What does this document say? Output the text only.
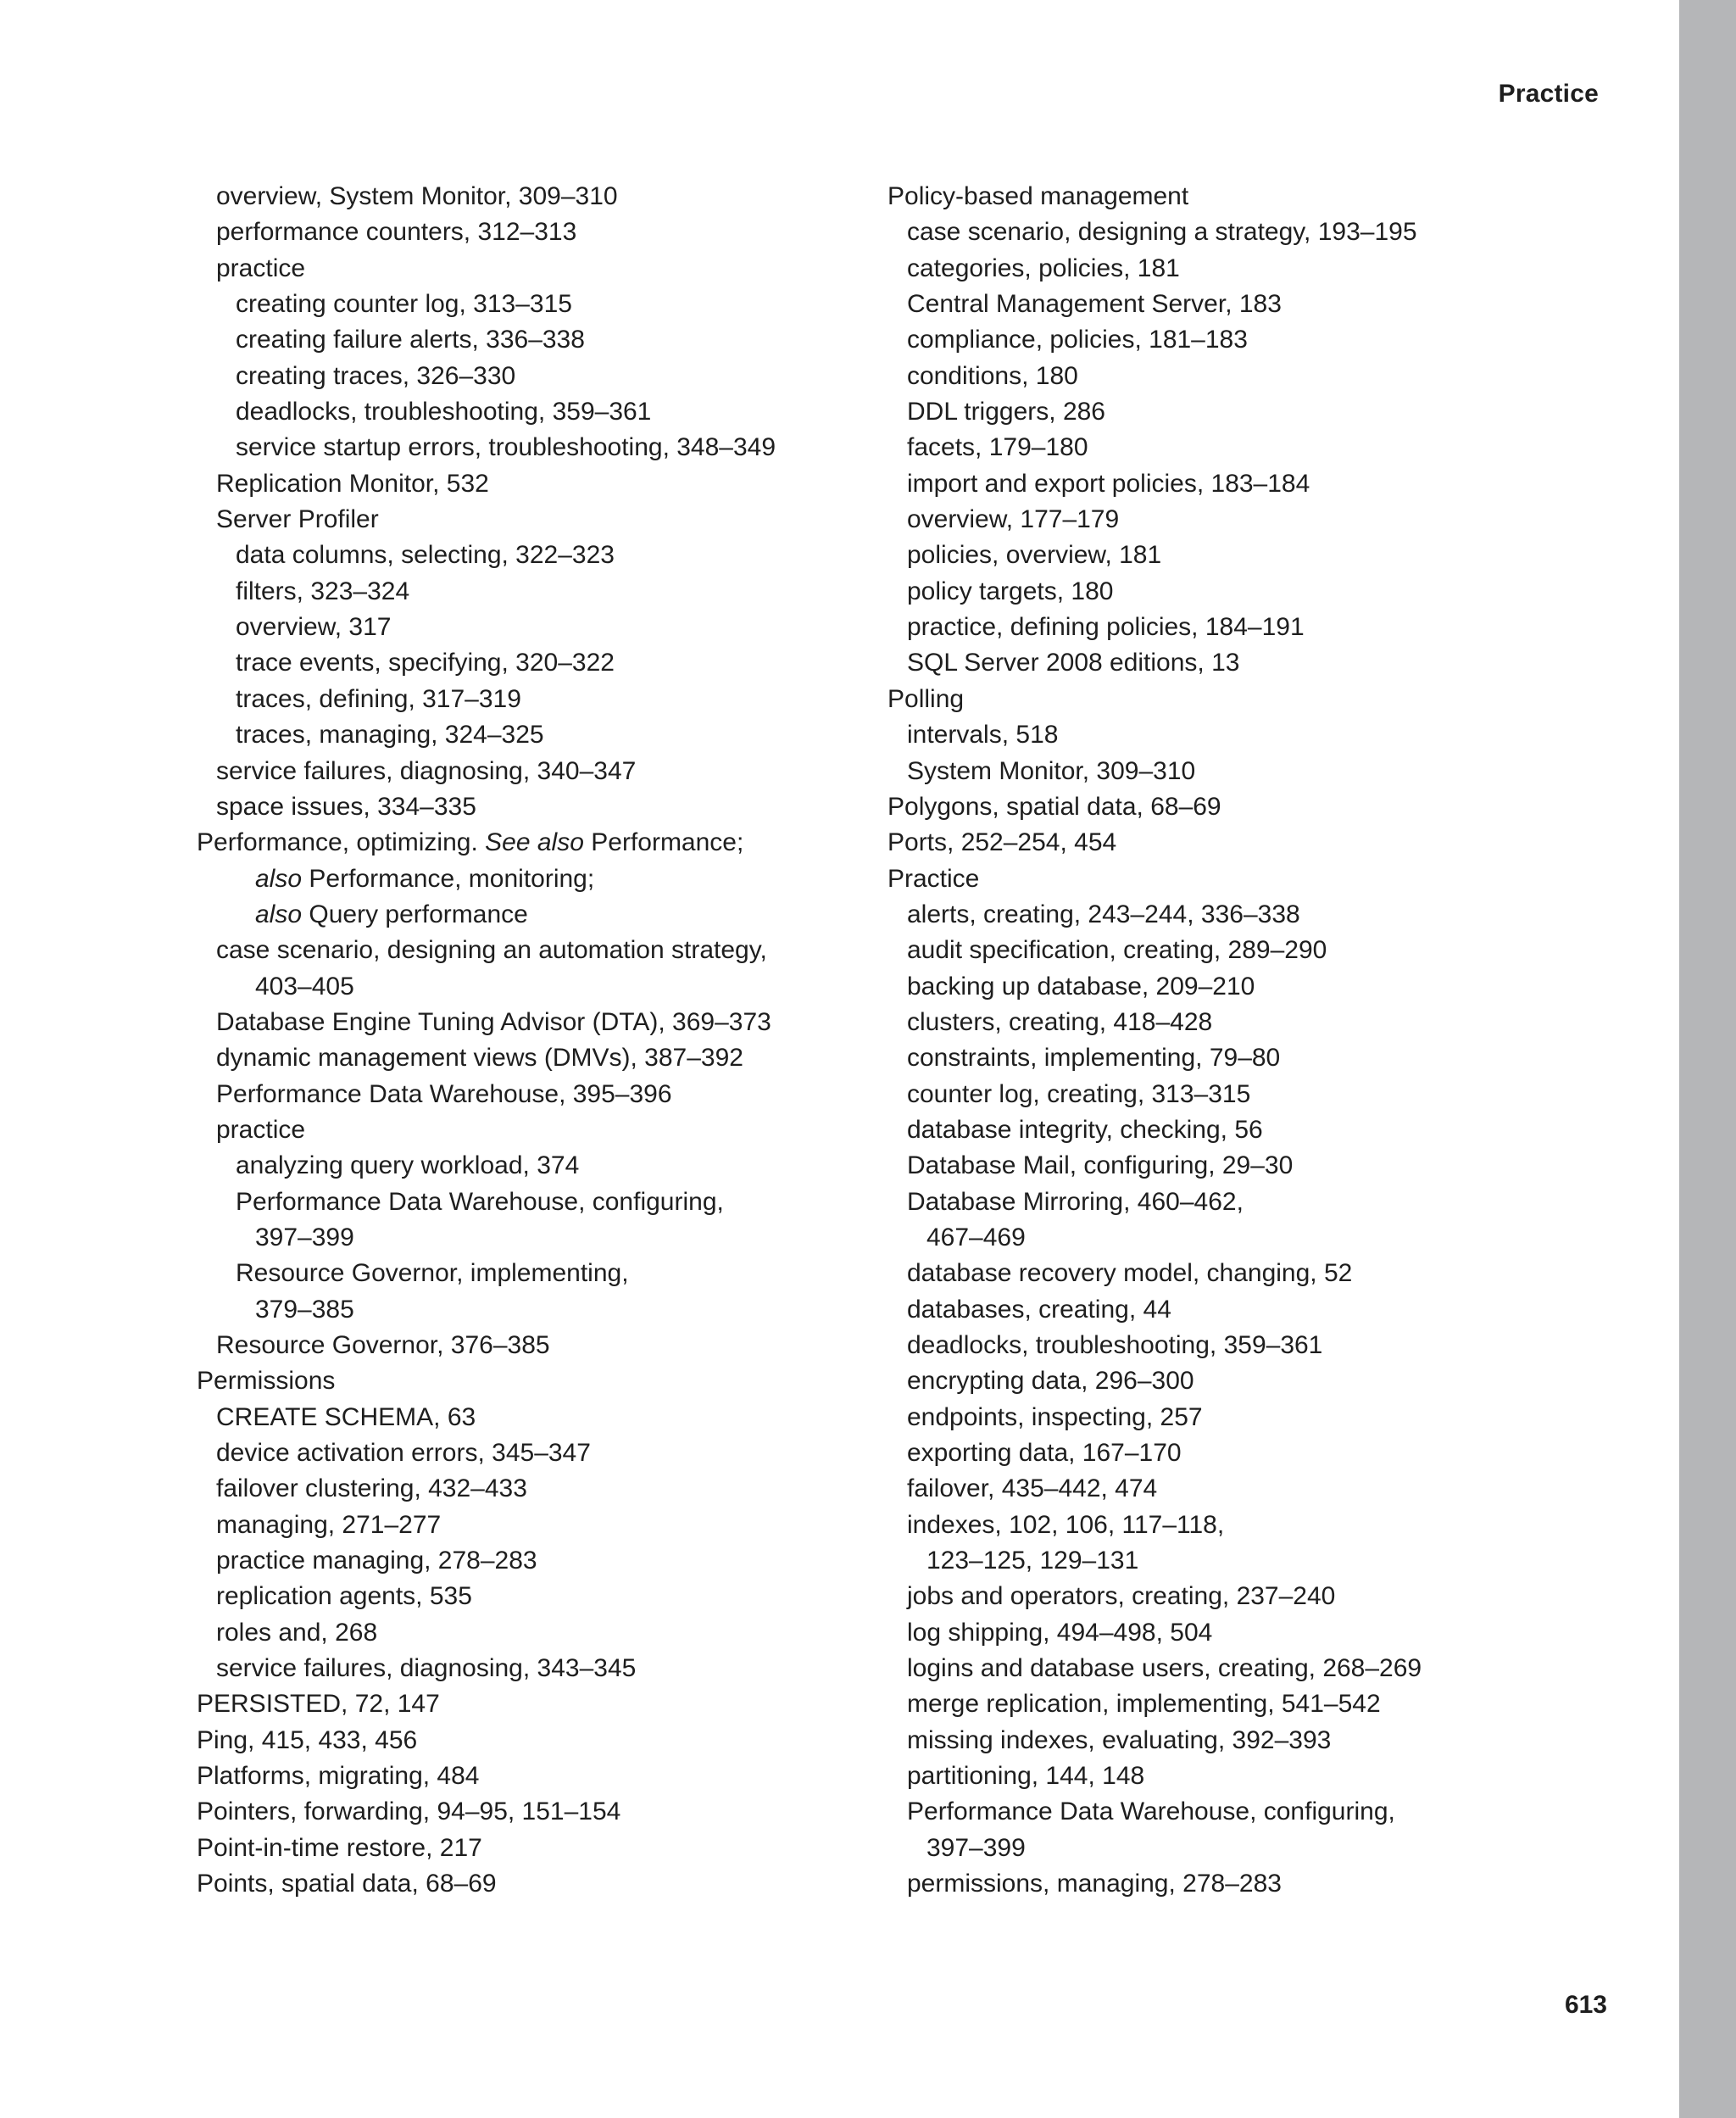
Practice
overview, System Monitor, 309–310
performance counters, 312–313
practice
creating counter log, 313–315
creating failure alerts, 336–338
creating traces, 326–330
deadlocks, troubleshooting, 359–361
service startup errors, troubleshooting, 348–349
Replication Monitor, 532
Server Profiler
data columns, selecting, 322–323
filters, 323–324
overview, 317
trace events, specifying, 320–322
traces, defining, 317–319
traces, managing, 324–325
service failures, diagnosing, 340–347
space issues, 334–335
Performance, optimizing. See also Performance;
also Performance, monitoring;
also Query performance
case scenario, designing an automation strategy,
403–405
Database Engine Tuning Advisor (DTA), 369–373
dynamic management views (DMVs), 387–392
Performance Data Warehouse, 395–396
practice
analyzing query workload, 374
Performance Data Warehouse, configuring,
397–399
Resource Governor, implementing,
379–385
Resource Governor, 376–385
Permissions
CREATE SCHEMA, 63
device activation errors, 345–347
failover clustering, 432–433
managing, 271–277
practice managing, 278–283
replication agents, 535
roles and, 268
service failures, diagnosing, 343–345
PERSISTED, 72, 147
Ping, 415, 433, 456
Platforms, migrating, 484
Pointers, forwarding, 94–95, 151–154
Point-in-time restore, 217
Points, spatial data, 68–69
Policy-based management
case scenario, designing a strategy, 193–195
categories, policies, 181
Central Management Server, 183
compliance, policies, 181–183
conditions, 180
DDL triggers, 286
facets, 179–180
import and export policies, 183–184
overview, 177–179
policies, overview, 181
policy targets, 180
practice, defining policies, 184–191
SQL Server 2008 editions, 13
Polling
intervals, 518
System Monitor, 309–310
Polygons, spatial data, 68–69
Ports, 252–254, 454
Practice
alerts, creating, 243–244, 336–338
audit specification, creating, 289–290
backing up database, 209–210
clusters, creating, 418–428
constraints, implementing, 79–80
counter log, creating, 313–315
database integrity, checking, 56
Database Mail, configuring, 29–30
Database Mirroring, 460–462,
467–469
database recovery model, changing, 52
databases, creating, 44
deadlocks, troubleshooting, 359–361
encrypting data, 296–300
endpoints, inspecting, 257
exporting data, 167–170
failover, 435–442, 474
indexes, 102, 106, 117–118,
123–125, 129–131
jobs and operators, creating, 237–240
log shipping, 494–498, 504
logins and database users, creating, 268–269
merge replication, implementing, 541–542
missing indexes, evaluating, 392–393
partitioning, 144, 148
Performance Data Warehouse, configuring,
397–399
permissions, managing, 278–283
613
